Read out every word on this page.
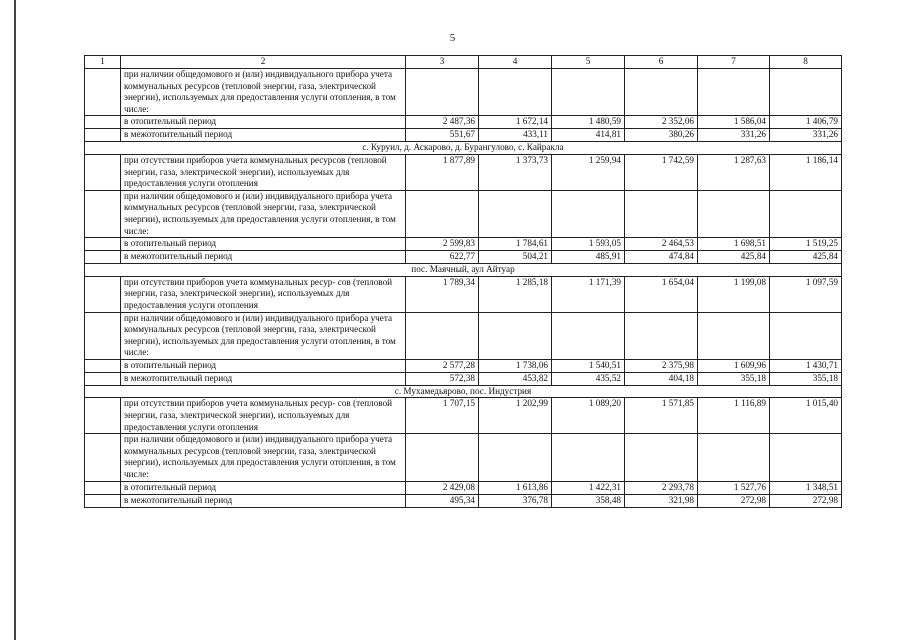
5
1	2	3	4	5	6	7	8
	при наличии общедомового и (или) индивидуального прибора учета коммунальных ресурсов (тепловой энергии, газа, электрической энергии), используемых для предоставления услуги отопления, в том числе:						
	в отопительный период	2 487,36	1 672,14	1 480,59	2 352,06	1 586,04	1 406,79
	в межотопительный период	551,67	433,11	414,81	380,26	331,26	331,26
с. Куруил, д. Аскарово, д. Бурангулово, с. Кайракла							
	при отсутствии приборов учета коммунальных ресурсов (тепловой энергии, газа, электрической энергии), используемых для предоставления услуги отопления	1 877,89	1 373,73	1 259,94	1 742,59	1 287,63	1 186,14
	при наличии общедомового и (или) индивидуального прибора учета коммунальных ресурсов (тепловой энергии, газа, электрической энергии), используемых для предоставления услуги отопления, в том числе:						
	в отопительный период	2 599,83	1 784,61	1 593,05	2 464,53	1 698,51	1 519,25
	в межотопительный период	622,77	504,21	485,91	474,84	425,84	425,84
пос. Маячный, аул Айтуар							
	при отсутствии приборов учета коммунальных ресур- сов (тепловой энергии, газа, электрической энергии), используемых для предоставления услуги отопления	1 789,34	1 285,18	1 171,39	1 654,04	1 199,08	1 097,59
	при наличии общедомового и (или) индивидуального прибора учета коммунальных ресурсов (тепловой энергии, газа, электрической энергии), используемых для предоставления услуги отопления, в том числе:						
	в отопительный период	2 577,28	1 738,06	1 540,51	2 375,98	1 609,96	1 430,71
	в межотопительный период	572,38	453,82	435,52	404,18	355,18	355,18
с. Мухамедьярово, пос. Индустрия							
	при отсутствии приборов учета коммунальных ресур- сов (тепловой энергии, газа, электрической энергии), используемых для предоставления услуги отопления	1 707,15	1 202,99	1 089,20	1 571,85	1 116,89	1 015,40
	при наличии общедомового и (или) индивидуального прибора учета коммунальных ресурсов (тепловой энергии, газа, электрической энергии), используемых для предоставления услуги отопления, в том числе:						
	в отопительный период	2 429,08	1 613,86	1 422,31	2 293,78	1 527,76	1 348,51
	в межотопительный период	495,34	376,78	358,48	321,98	272,98	272,98
